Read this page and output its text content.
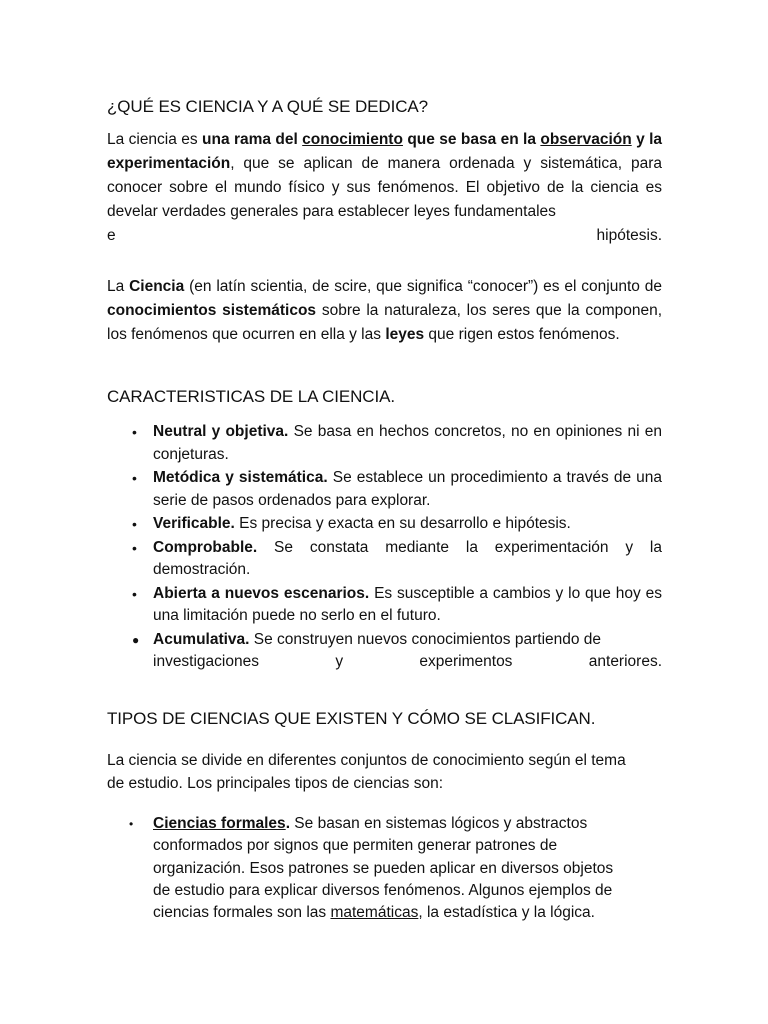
¿QUÉ ES CIENCIA Y A QUÉ SE DEDICA?

La ciencia es una rama del conocimiento que se basa en la observación y la experimentación, que se aplican de manera ordenada y sistemática, para conocer sobre el mundo físico y sus fenómenos. El objetivo de la ciencia es develar verdades generales para establecer leyes fundamentales
e	hipótesis.

La Ciencia (en latín scientia, de scire, que significa “conocer”) es el conjunto de conocimientos sistemáticos sobre la naturaleza, los seres que la componen, los fenómenos que ocurren en ella y las leyes que rigen estos fenómenos.

CARACTERISTICAS DE LA CIENCIA.
• Neutral y objetiva. Se basa en hechos concretos, no en opiniones ni en conjeturas.
• Metódica y sistemática. Se establece un procedimiento a través de una serie de pasos ordenados para explorar.
• Verificable. Es precisa y exacta en su desarrollo e hipótesis.
• Comprobable. Se constata mediante la experimentación y la demostración.
• Abierta a nuevos escenarios. Es susceptible a cambios y lo que hoy es una limitación puede no serlo en el futuro.
● Acumulativa. Se construyen nuevos conocimientos partiendo de
investigaciones	y	experimentos	anteriores.
TIPOS DE CIENCIAS QUE EXISTEN Y CÓMO SE CLASIFICAN.

La ciencia se divide en diferentes conjuntos de conocimiento según el tema de estudio. Los principales tipos de ciencias son:

• Ciencias formales. Se basan en sistemas lógicos y abstractos conformados por signos que permiten generar patrones de organización. Esos patrones se pueden aplicar en diversos objetos de estudio para explicar diversos fenómenos. Algunos ejemplos de ciencias formales son las matemáticas, la estadística y la lógica.
